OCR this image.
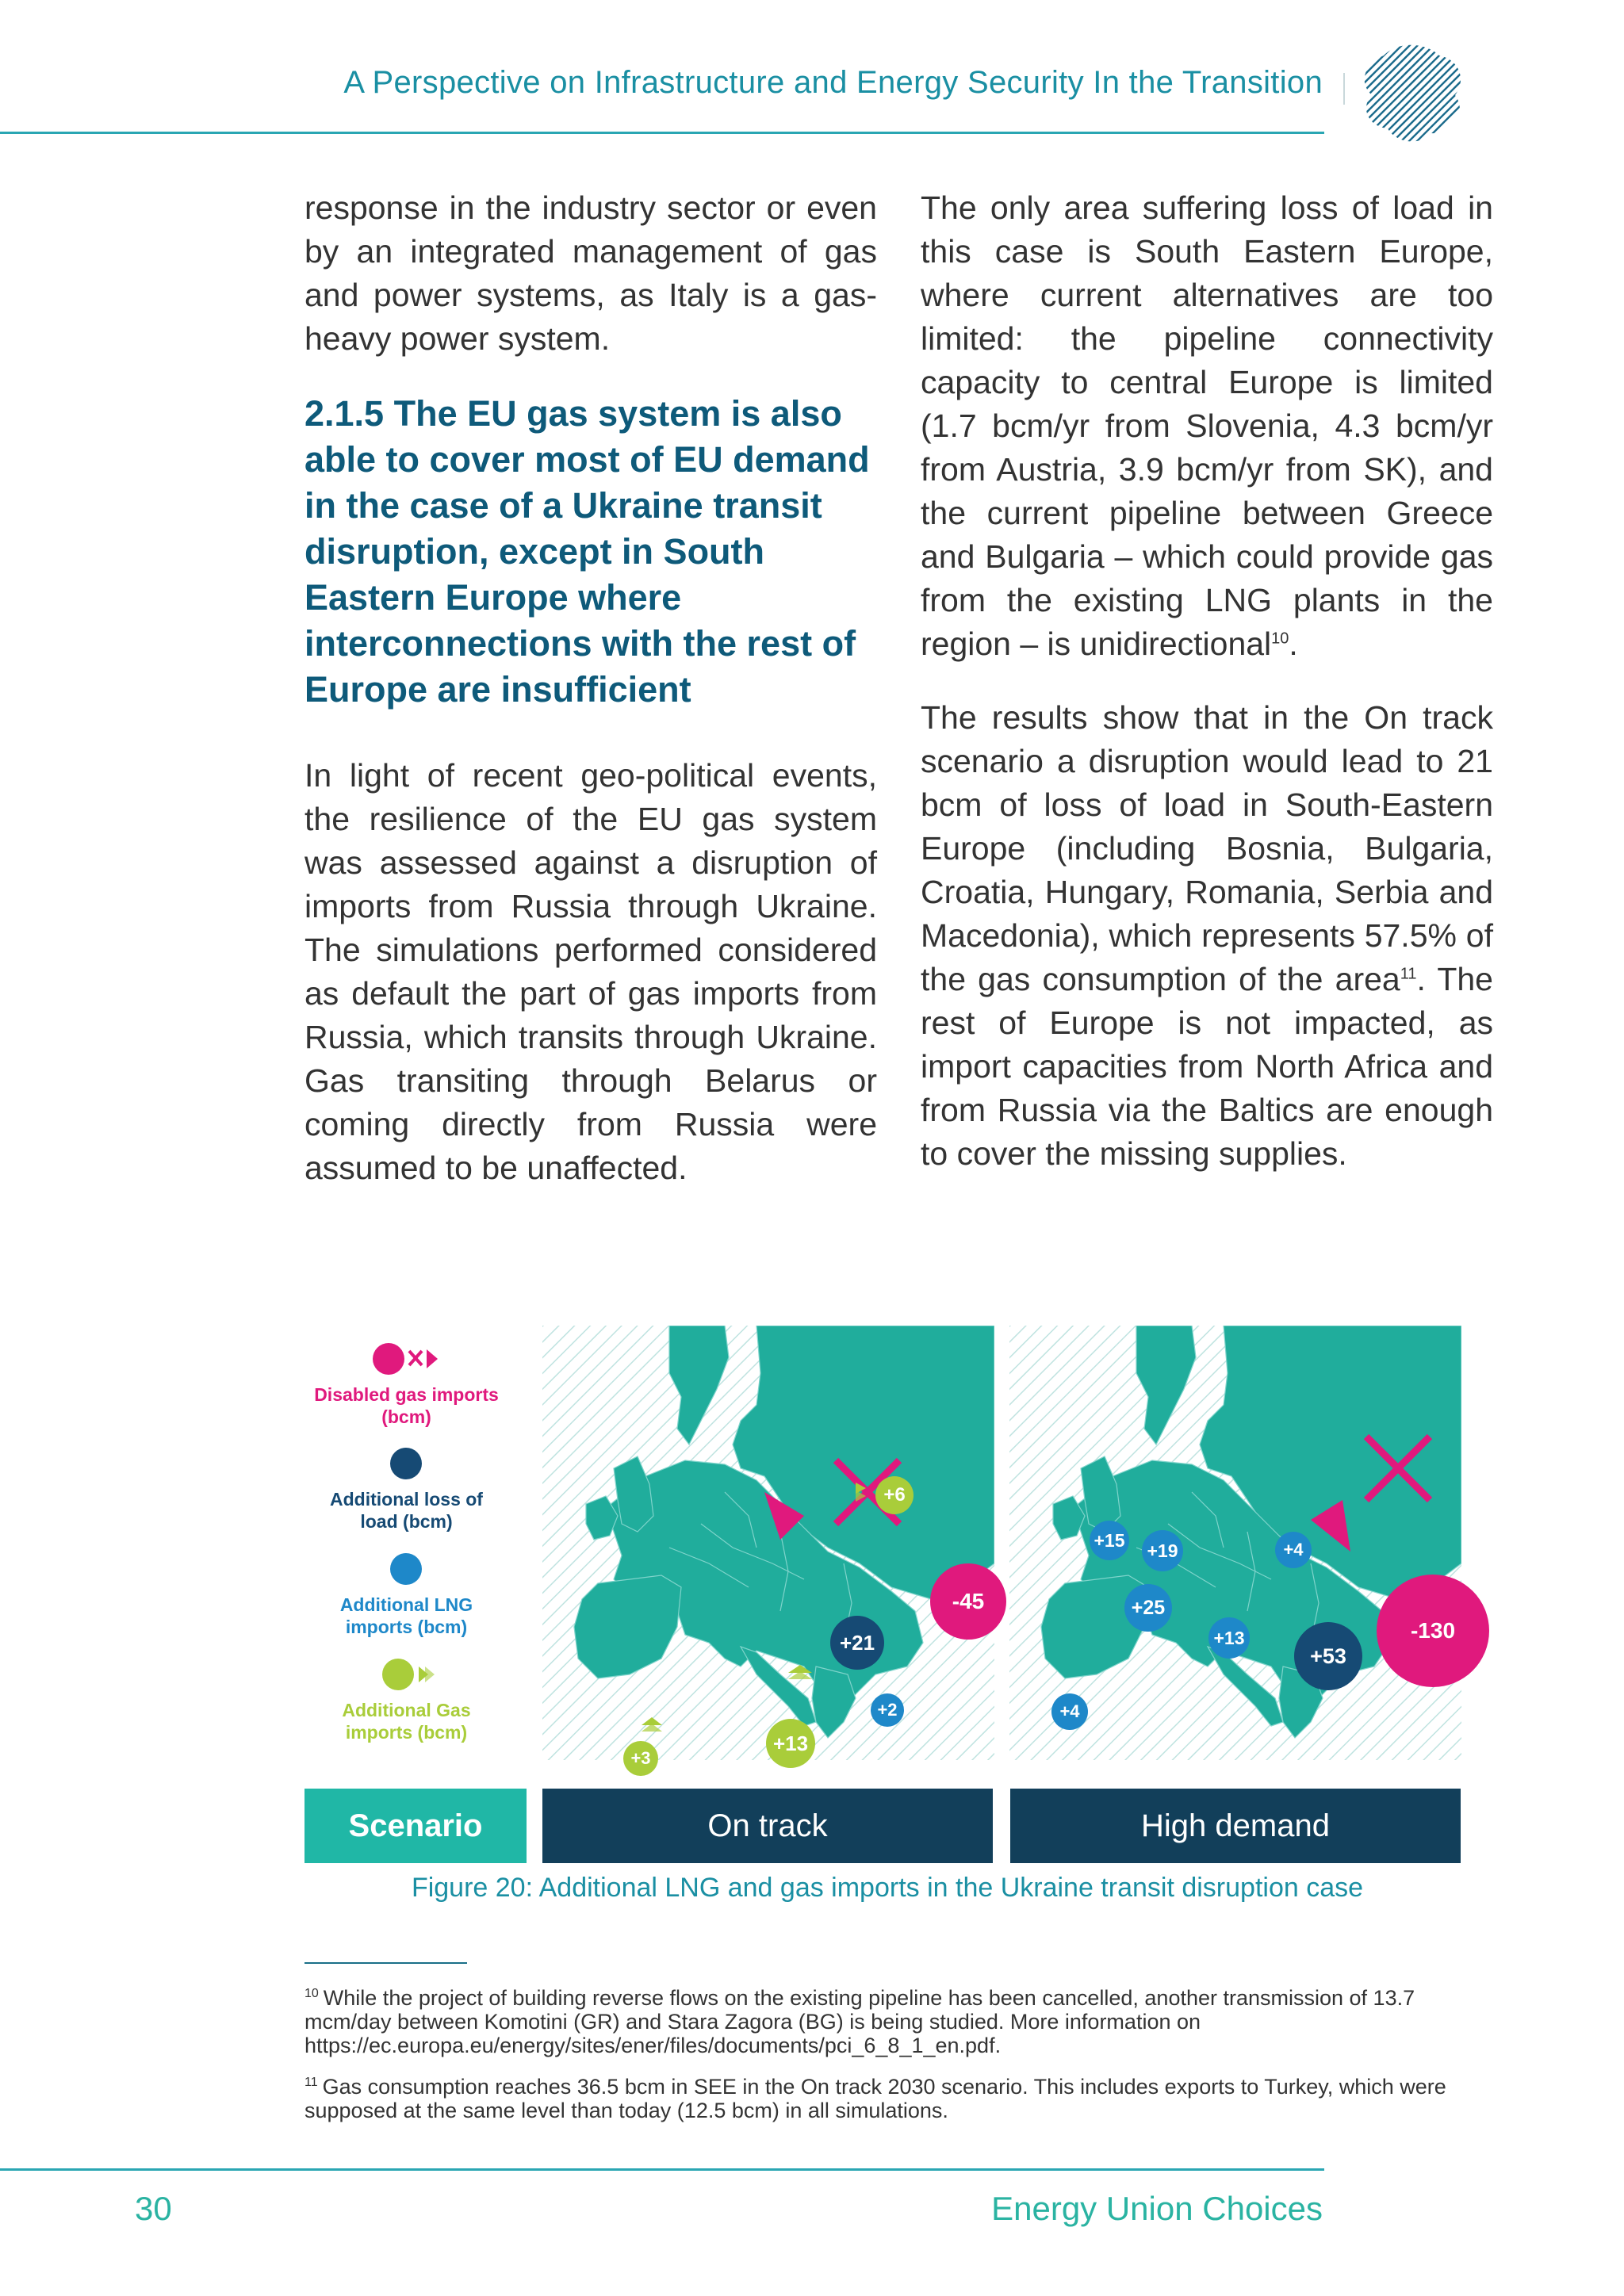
A Perspective on Infrastructure and Energy Security In the Transition

response in the industry sector or even by an integrated management of gas and power systems, as Italy is a gas-heavy power system.

2.1.5 The EU gas system is also able to cover most of EU demand in the case of a Ukraine transit disruption, except in South Eastern Europe where interconnections with the rest of Europe are insufficient

In light of recent geo-political events, the resilience of the EU gas system was assessed against a disruption of imports from Russia through Ukraine. The simulations performed considered as default the part of gas imports from Russia, which transits through Ukraine. Gas transiting through Belarus or coming directly from Russia were assumed to be unaffected.

The only area suffering loss of load in this case is South Eastern Europe, where current alternatives are too limited: the pipeline connectivity capacity to central Europe is limited (1.7 bcm/yr from Slovenia, 4.3 bcm/yr from Austria, 3.9 bcm/yr from SK), and the current pipeline between Greece and Bulgaria – which could provide gas from the existing LNG plants in the region – is unidirectional$^{10}$.

The results show that in the On track scenario a disruption would lead to 21 bcm of loss of load in South-Eastern Europe (including Bosnia, Bulgaria, Croatia, Hungary, Romania, Serbia and Macedonia), which represents 57.5% of the gas consumption of the area$^{11}$. The rest of Europe is not impacted, as import capacities from North Africa and from Russia via the Baltics are enough to cover the missing supplies.

Disabled gas imports (bcm)
Additional loss of load (bcm)
Additional LNG imports (bcm)
Additional Gas imports (bcm)
+6
-45
+21
+2
+13
+3
+15 +19	+4
+25
+13
+53
-130
+4
Scenario	On track	High demand
Figure 20: Additional LNG and gas imports in the Ukraine transit disruption case
$^{10}$ While the project of building reverse flows on the existing pipeline has been cancelled, another transmission of 13.7 mcm/day between Komotini (GR) and Stara Zagora (BG) is being studied. More information on https://ec.europa.eu/energy/sites/ener/files/documents/pci_6_8_1_en.pdf.
$^{11}$ Gas consumption reaches 36.5 bcm in SEE in the On track 2030 scenario. This includes exports to Turkey, which were supposed at the same level than today (12.5 bcm) in all simulations.
30	Energy Union Choices
